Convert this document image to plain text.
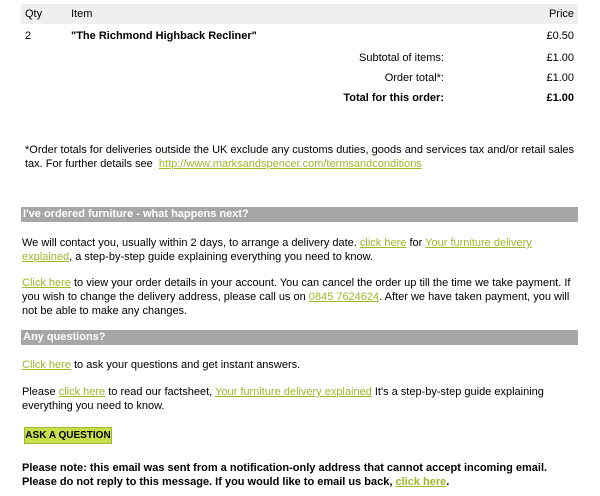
Qty	Item	Price
2	"The Richmond Highback Recliner"	£0.50
	Subtotal of items:	£1.00
	Order total*:	£1.00
	Total for this order:	£1.00
*Order totals for deliveries outside the UK exclude any customs duties, goods and services tax and/or retail sales tax. For further details see http://www.marksandspencer.com/termsandconditions
I've ordered furniture - what happens next?
We will contact you, usually within 2 days, to arrange a delivery date. click here for Your furniture delivery explained, a step-by-step guide explaining everything you need to know.
Click here to view your order details in your account. You can cancel the order up till the time we take payment. If you wish to change the delivery address, please call us on 0845 7624624. After we have taken payment, you will not be able to make any changes.
Any questions?
Click here to ask your questions and get instant answers.
Please click here to read our factsheet, Your furniture delivery explained It's a step-by-step guide explaining everything you need to know.
ASK A QUESTION
Please note: this email was sent from a notification-only address that cannot accept incoming email. Please do not reply to this message. If you would like to email us back, click here.
